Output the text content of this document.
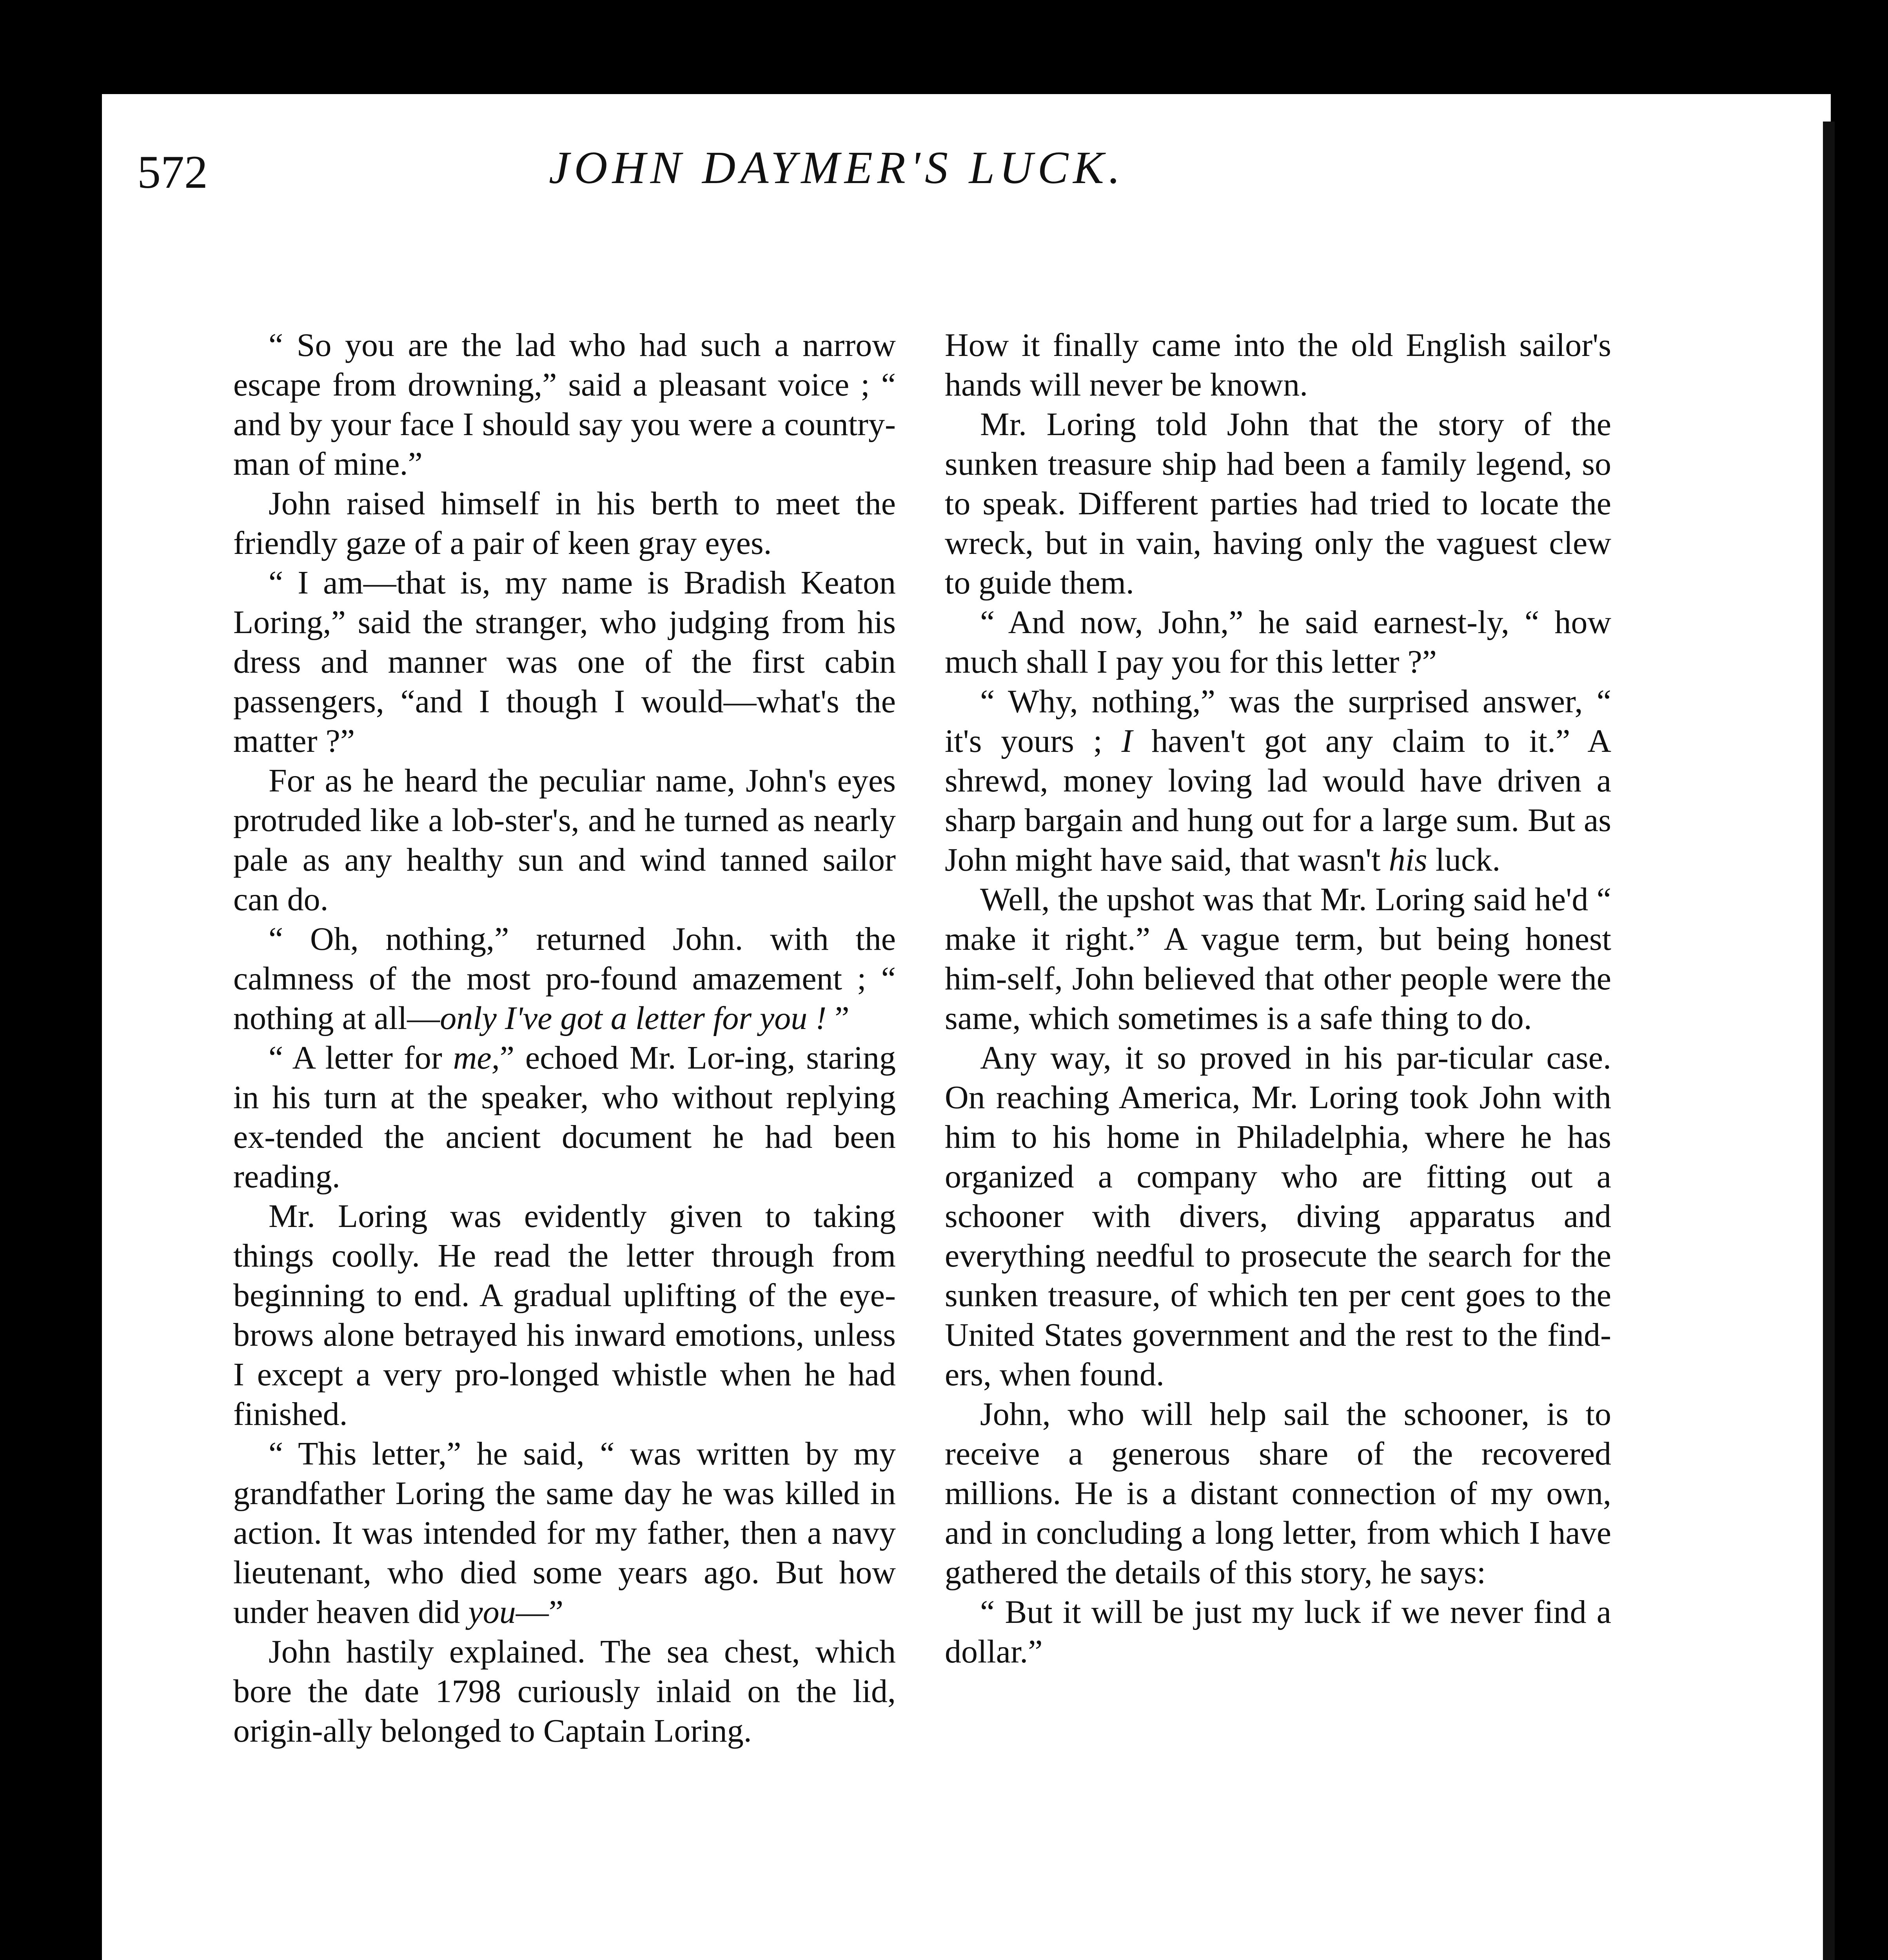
572	JOHN DAYMER'S LUCK.

“ So you are the lad who had such a narrow escape from drowning,” said a pleasant voice ; “ and by your face I should say you were a country-man of mine.”

John raised himself in his berth to meet the friendly gaze of a pair of keen gray eyes.

“ I am—that is, my name is Bradish Keaton Loring,” said the stranger, who judging from his dress and manner was one of the first cabin passengers, “and I though I would—what's the matter ?”

For as he heard the peculiar name, John's eyes protruded like a lob-ster's, and he turned as nearly pale as any healthy sun and wind tanned sailor can do.

“ Oh, nothing,” returned John. with the calmness of the most pro-found amazement ; “ nothing at all—only I've got a letter for you ! ”

“ A letter for me,” echoed Mr. Lor-ing, staring in his turn at the speaker, who without replying ex-tended the ancient document he had been reading.

Mr. Loring was evidently given to taking things coolly. He read the letter through from beginning to end. A gradual uplifting of the eye-brows alone betrayed his inward emotions, unless I except a very pro-longed whistle when he had finished.

“ This letter,” he said, “ was written by my grandfather Loring the same day he was killed in action. It was intended for my father, then a navy lieutenant, who died some years ago. But how under heaven did you—”

John hastily explained. The sea chest, which bore the date 1798 curiously inlaid on the lid, origin-ally belonged to Captain Loring.

How it finally came into the old English sailor's hands will never be known.

Mr. Loring told John that the story of the sunken treasure ship had been a family legend, so to speak. Different parties had tried to locate the wreck, but in vain, having only the vaguest clew to guide them.

“ And now, John,” he said earnest-ly, “ how much shall I pay you for this letter ?”

“ Why, nothing,” was the surprised answer, “ it's yours ; I haven't got any claim to it.” A shrewd, money loving lad would have driven a sharp bargain and hung out for a large sum. But as John might have said, that wasn't his luck.

Well, the upshot was that Mr. Loring said he'd “ make it right.” A vague term, but being honest him-self, John believed that other people were the same, which sometimes is a safe thing to do.

Any way, it so proved in his par-ticular case. On reaching America, Mr. Loring took John with him to his home in Philadelphia, where he has organized a company who are fitting out a schooner with divers, diving apparatus and everything needful to prosecute the search for the sunken treasure, of which ten per cent goes to the United States government and the rest to the find-ers, when found.

John, who will help sail the schooner, is to receive a generous share of the recovered millions. He is a distant connection of my own, and in concluding a long letter, from which I have gathered the details of this story, he says:

“ But it will be just my luck if we never find a dollar.”
